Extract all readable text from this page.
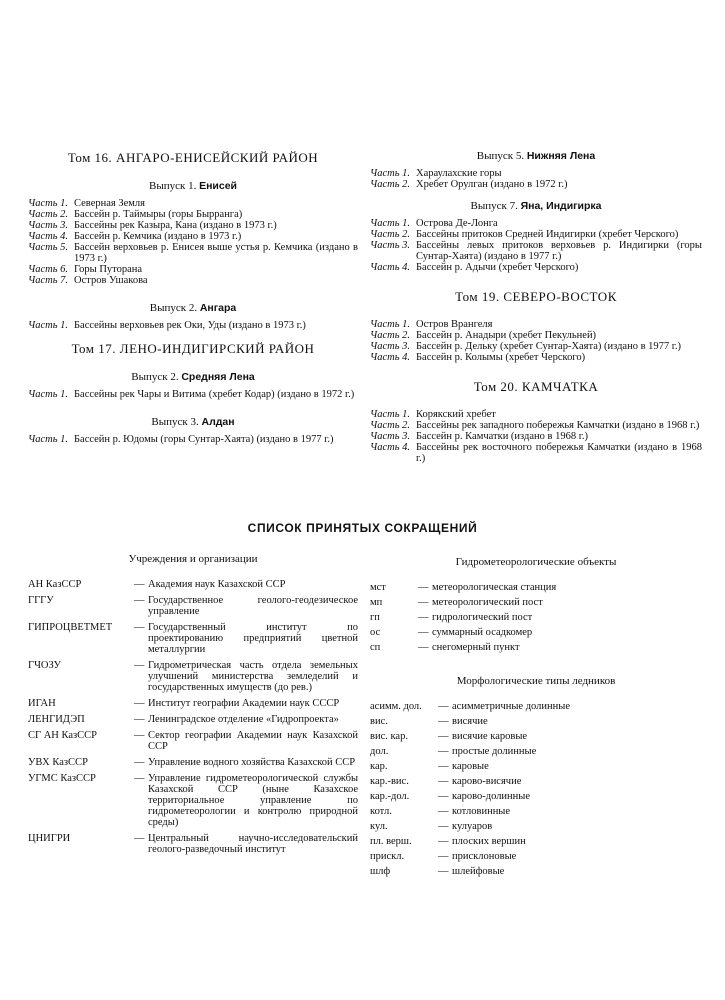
Том 16. АНГАРО-ЕНИСЕЙСКИЙ РАЙОН
Выпуск 1. Енисей
Часть 1. Северная Земля
Часть 2. Бассейн р. Таймыры (горы Бырранга)
Часть 3. Бассейны рек Казыра, Кана (издано в 1973 г.)
Часть 4. Бассейн р. Кемчика (издано в 1973 г.)
Часть 5. Бассейн верховьев р. Енисея выше устья р. Кемчика (издано в 1973 г.)
Часть 6. Горы Путорана
Часть 7. Остров Ушакова
Выпуск 2. Ангара
Часть 1. Бассейны верховьев рек Оки, Уды (издано в 1973 г.)
Том 17. ЛЕНО-ИНДИГИРСКИЙ РАЙОН
Выпуск 2. Средняя Лена
Часть 1. Бассейны рек Чары и Витима (хребет Кодар) (издано в 1972 г.)
Выпуск 3. Алдан
Часть 1. Бассейн р. Юдомы (горы Сунтар-Хаята) (издано в 1977 г.)
Выпуск 5. Нижняя Лена
Часть 1. Хараулахские горы
Часть 2. Хребет Орулган (издано в 1972 г.)
Выпуск 7. Яна, Индигирка
Часть 1. Острова Де-Лонга
Часть 2. Бассейны притоков Средней Индигирки (хребет Черского)
Часть 3. Бассейны левых притоков верховьев р. Индигирки (горы Сунтар-Хаята) (издано в 1977 г.)
Часть 4. Бассейн р. Адычи (хребет Черского)
Том 19. СЕВЕРО-ВОСТОК
Часть 1. Остров Врангеля
Часть 2. Бассейн р. Анадыри (хребет Пекульней)
Часть 3. Бассейн р. Дельку (хребет Сунтар-Хаята) (издано в 1977 г.)
Часть 4. Бассейн р. Колымы (хребет Черского)
Том 20. КАМЧАТКА
Часть 1. Корякский хребет
Часть 2. Бассейны рек западного побережья Камчатки (издано в 1968 г.)
Часть 3. Бассейн р. Камчатки (издано в 1968 г.)
Часть 4. Бассейны рек восточного побережья Камчатки (издано в 1968 г.)
СПИСОК ПРИНЯТЫХ СОКРАЩЕНИЙ
Учреждения и организации
АН КазССР	— Академия наук Казахской ССР
ГГГУ	— Государственное геолого-геодезическое управление
ГИПРОЦВЕТМЕТ	— Государственный институт по проектированию предприятий цветной металлургии
ГЧОЗУ	— Гидрометрическая часть отдела земельных улучшений министерства земледелий и государственных имуществ (до рев.)
ИГАН	— Институт географии Академии наук СССР
ЛЕНГИДЭП	— Ленинградское отделение «Гидропроекта»
СГ АН КазССР	— Сектор географии Академии наук Казахской ССР
УВХ КазССР	— Управление водного хозяйства Казахской ССР
УГМС КазССР	— Управление гидрометеорологической службы Казахской ССР (ныне Казахское территориальное управление по гидрометеорологии и контролю природной среды)
ЦНИГРИ	— Центральный научно-исследовательский геолого-разведочный институт
Гидрометеорологические объекты
мст	— метеорологическая станция
мп	— метеорологический пост
гп	— гидрологический пост
ос	— суммарный осадкомер
сп	— снегомерный пункт
Морфологические типы ледников
асимм. дол.	— асимметричные долинные
вис.	— висячие
вис. кар.	— висячие каровые
дол.	— простые долинные
кар.	— каровые
кар.-вис.	— карово-висячие
кар.-дол.	— карово-долинные
котл.	— котловинные
кул.	— кулуаров
пл. верш.	— плоских вершин
прискл.	— присклоновые
шлф	— шлейфовые
